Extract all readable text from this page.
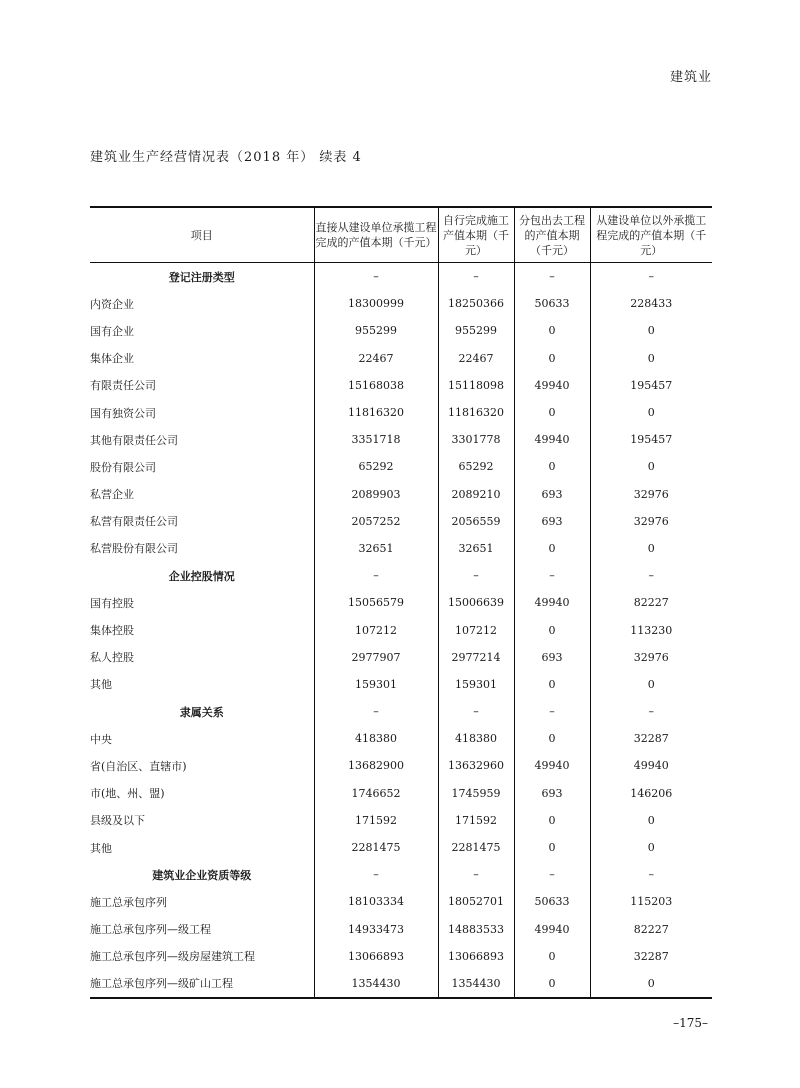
建筑业
建筑业生产经营情况表（2018 年） 续表 4
项目	直接从建设单位承揽工程完成的产值本期（千元）	自行完成施工产值本期（千元）	分包出去工程的产值本期（千元）	从建设单位以外承揽工程完成的产值本期（千元）
登记注册类型	–	–	–	–
内资企业	18300999	18250366	50633	228433
国有企业	955299	955299	0	0
集体企业	22467	22467	0	0
有限责任公司	15168038	15118098	49940	195457
国有独资公司	11816320	11816320	0	0
其他有限责任公司	3351718	3301778	49940	195457
股份有限公司	65292	65292	0	0
私营企业	2089903	2089210	693	32976
私营有限责任公司	2057252	2056559	693	32976
私营股份有限公司	32651	32651	0	0
企业控股情况	–	–	–	–
国有控股	15056579	15006639	49940	82227
集体控股	107212	107212	0	113230
私人控股	2977907	2977214	693	32976
其他	159301	159301	0	0
隶属关系	–	–	–	–
中央	418380	418380	0	32287
省(自治区、直辖市)	13682900	13632960	49940	49940
市(地、州、盟)	1746652	1745959	693	146206
县级及以下	171592	171592	0	0
其他	2281475	2281475	0	0
建筑业企业资质等级	–	–	–	–
施工总承包序列	18103334	18052701	50633	115203
施工总承包序列—级工程	14933473	14883533	49940	82227
施工总承包序列—级房屋建筑工程	13066893	13066893	0	32287
施工总承包序列—级矿山工程	1354430	1354430	0	0
–175–
